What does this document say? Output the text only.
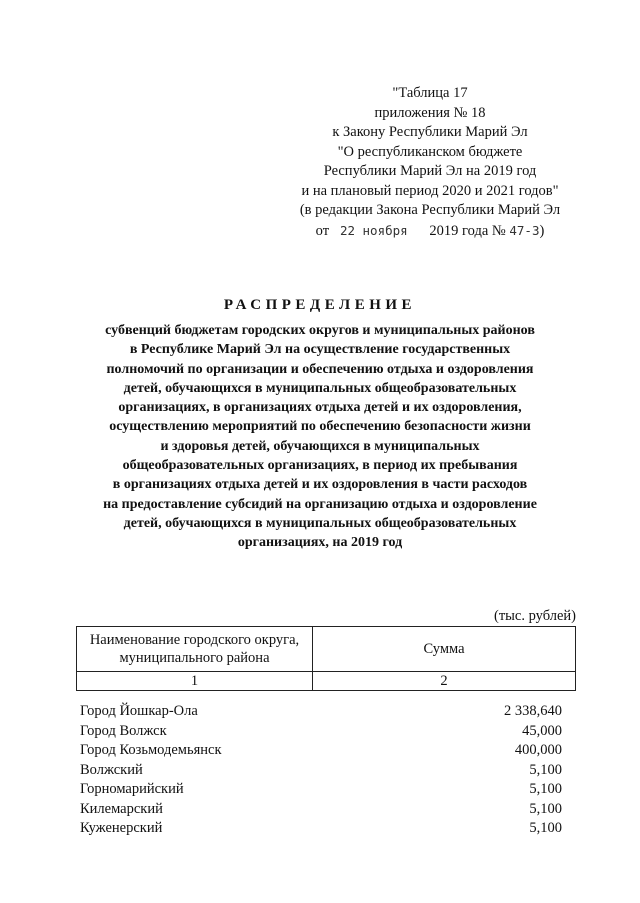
"Таблица 17
приложения № 18
к Закону Республики Марий Эл
"О республиканском бюджете
Республики Марий Эл на 2019 год
и на плановый период 2020 и 2021 годов"
(в редакции Закона Республики Марий Эл
от 22 ноября 2019 года № 47-З)
РАСПРЕДЕЛЕНИЕ
субвенций бюджетам городских округов и муниципальных районов
в Республике Марий Эл на осуществление государственных
полномочий по организации и обеспечению отдыха и оздоровления
детей, обучающихся в муниципальных общеобразовательных
организациях, в организациях отдыха детей и их оздоровления,
осуществлению мероприятий по обеспечению безопасности жизни
и здоровья детей, обучающихся в муниципальных
общеобразовательных организациях, в период их пребывания
в организациях отдыха детей и их оздоровления в части расходов
на предоставление субсидий на организацию отдыха и оздоровление
детей, обучающихся в муниципальных общеобразовательных
организациях, на 2019 год
(тыс. рублей)
Наименование городского округа,
муниципального района	Сумма
1	2
Город Йошкар-Ола	2 338,640
Город Волжск	45,000
Город Козьмодемьянск	400,000
Волжский	5,100
Горномарийский	5,100
Килемарский	5,100
Куженерский	5,100
